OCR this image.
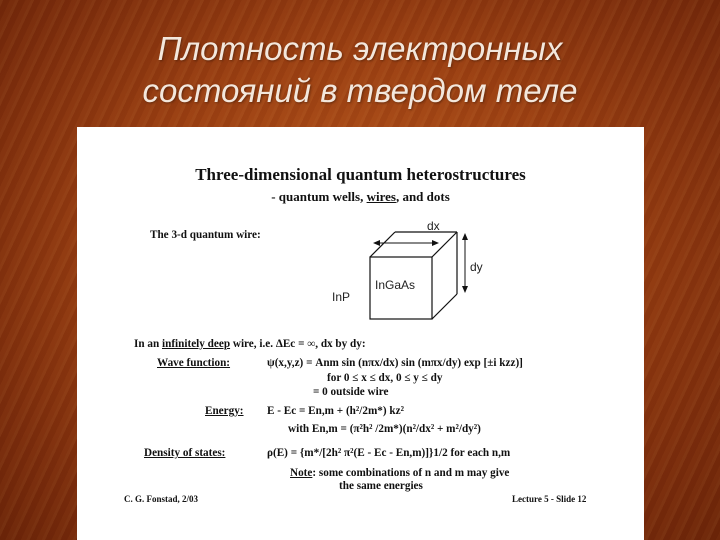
Плотность электронных
состояний в твердом теле
Three-dimensional quantum heterostructures
- quantum wells, wires, and dots
The 3-d quantum wire:
dx
dy
InGaAs
InP
In an infinitely deep wire, i.e. ΔEc = ∞, dx by dy:
Wave function:	ψ(x,y,z) = Anm sin (nπx/dx) sin (mπx/dy) exp [±i kzz)]
for 0 ≤ x ≤ dx, 0 ≤ y ≤ dy
= 0 outside wire
Energy: E - Ec = En,m + (h²/2m*) kz²
with En,m = (π²h² /2m*)(n²/dx² + m²/dy²)
Density of states:	ρ(E) = {m*/[2h² π²(E - Ec - En,m)]}1/2 for each n,m
Note: some combinations of n and m may give
the same energies
C. G. Fonstad, 2/03	Lecture 5 - Slide 12
